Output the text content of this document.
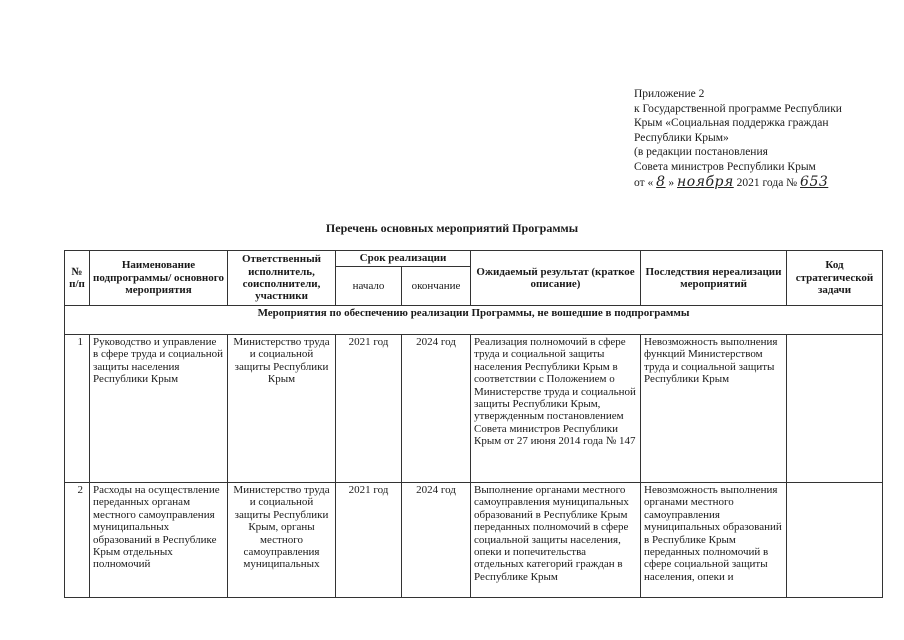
Приложение 2
к Государственной программе Республики
Крым «Социальная поддержка граждан
Республики Крым»
(в редакции постановления
Совета министров Республики Крым
от « 8 » ноября 2021 года № 653
Перечень основных мероприятий Программы
№ п/п	Наименование подпрограммы/ основного мероприятия	Ответственный исполнитель, соисполнители, участники	Срок реализации		Ожидаемый результат (краткое описание)	Последствия нереализации мероприятий	Код стратегической задачи
			начало	окончание			
Мероприятия по обеспечению реализации Программы, не вошедшие в подпрограммы							
1	Руководство и управление в сфере труда и социальной защиты населения Республики Крым	Министерство труда и социальной защиты Республики Крым	2021 год	2024 год	Реализация полномочий в сфере труда и социальной защиты населения Республики Крым в соответствии с Положением о Министерстве труда и социальной защиты Республики Крым, утвержденным постановлением Совета министров Республики Крым от 27 июня 2014 года № 147	Невозможность выполнения функций Министерством труда и социальной защиты Республики Крым	
2	Расходы на осуществление переданных органам местного самоуправления муниципальных образований в Республике Крым отдельных полномочий	Министерство труда и социальной защиты Республики Крым, органы местного самоуправления муниципальных	2021 год	2024 год	Выполнение органами местного самоуправления муниципальных образований в Республике Крым переданных полномочий в сфере социальной защиты населения, опеки и попечительства отдельных категорий граждан в Республике Крым	Невозможность выполнения органами местного самоуправления муниципальных образований в Республике Крым переданных полномочий в сфере социальной защиты населения, опеки и	
